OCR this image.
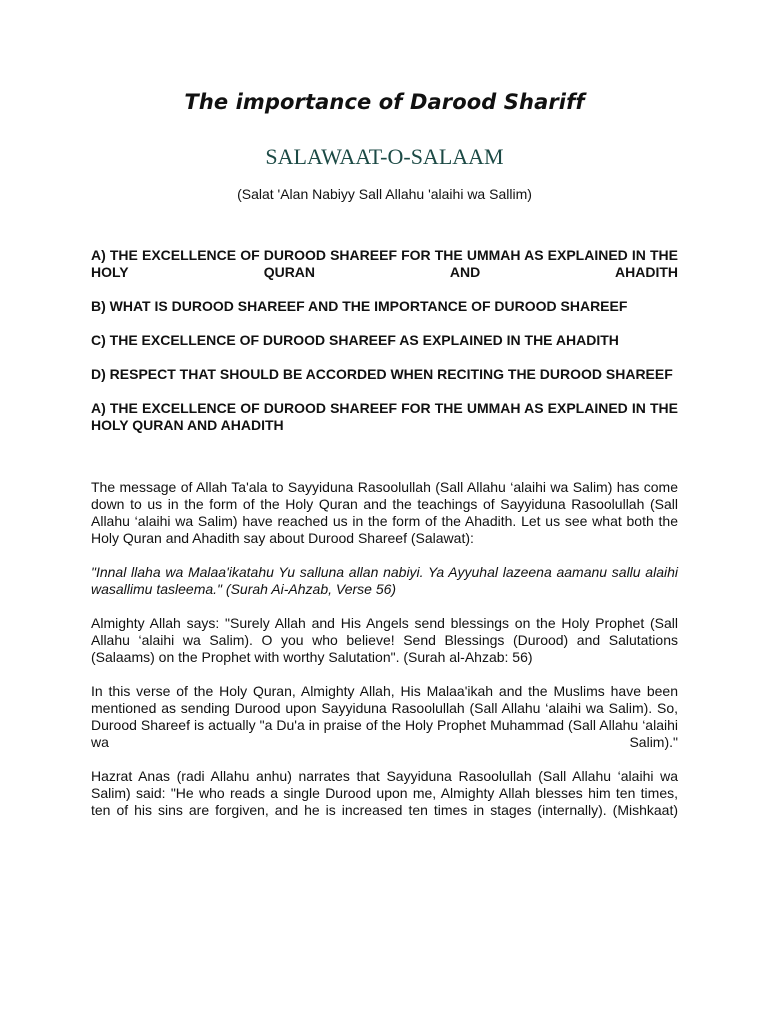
The importance of Darood Shariff
SALAWAAT-O-SALAAM
(Salat 'Alan Nabiyy Sall Allahu 'alaihi wa Sallim)

A) THE EXCELLENCE OF DUROOD SHAREEF FOR THE UMMAH AS EXPLAINED IN THE HOLY QURAN AND AHADITH

B) WHAT IS DUROOD SHAREEF AND THE IMPORTANCE OF DUROOD SHAREEF

C) THE EXCELLENCE OF DUROOD SHAREEF AS EXPLAINED IN THE AHADITH

D) RESPECT THAT SHOULD BE ACCORDED WHEN RECITING THE DUROOD SHAREEF

A) THE EXCELLENCE OF DUROOD SHAREEF FOR THE UMMAH AS EXPLAINED IN THE HOLY QURAN AND AHADITH

The message of Allah Ta'ala to Sayyiduna Rasoolullah (Sall Allahu ‘alaihi wa Salim) has come down to us in the form of the Holy Quran and the teachings of Sayyiduna Rasoolullah (Sall Allahu ‘alaihi wa Salim) have reached us in the form of the Ahadith. Let us see what both the Holy Quran and Ahadith say about Durood Shareef (Salawat):

"Innal llaha wa Malaa'ikatahu Yu salluna allan nabiyi. Ya Ayyuhal lazeena aamanu sallu alaihi wasallimu tasleema." (Surah Ai-Ahzab, Verse 56)

Almighty Allah says: "Surely Allah and His Angels send blessings on the Holy Prophet (Sall Allahu ‘alaihi wa Salim). O you who believe! Send Blessings (Durood) and Salutations (Salaams) on the Prophet with worthy Salutation". (Surah al-Ahzab: 56)

In this verse of the Holy Quran, Almighty Allah, His Malaa'ikah and the Muslims have been mentioned as sending Durood upon Sayyiduna Rasoolullah (Sall Allahu ‘alaihi wa Salim). So, Durood Shareef is actually "a Du'a in praise of the Holy Prophet Muhammad (Sall Allahu ‘alaihi wa Salim)."

Hazrat Anas (radi Allahu anhu) narrates that Sayyiduna Rasoolullah (Sall Allahu ‘alaihi wa Salim) said: "He who reads a single Durood upon me, Almighty Allah blesses him ten times, ten of his sins are forgiven, and he is increased ten times in stages (internally). (Mishkaat)
